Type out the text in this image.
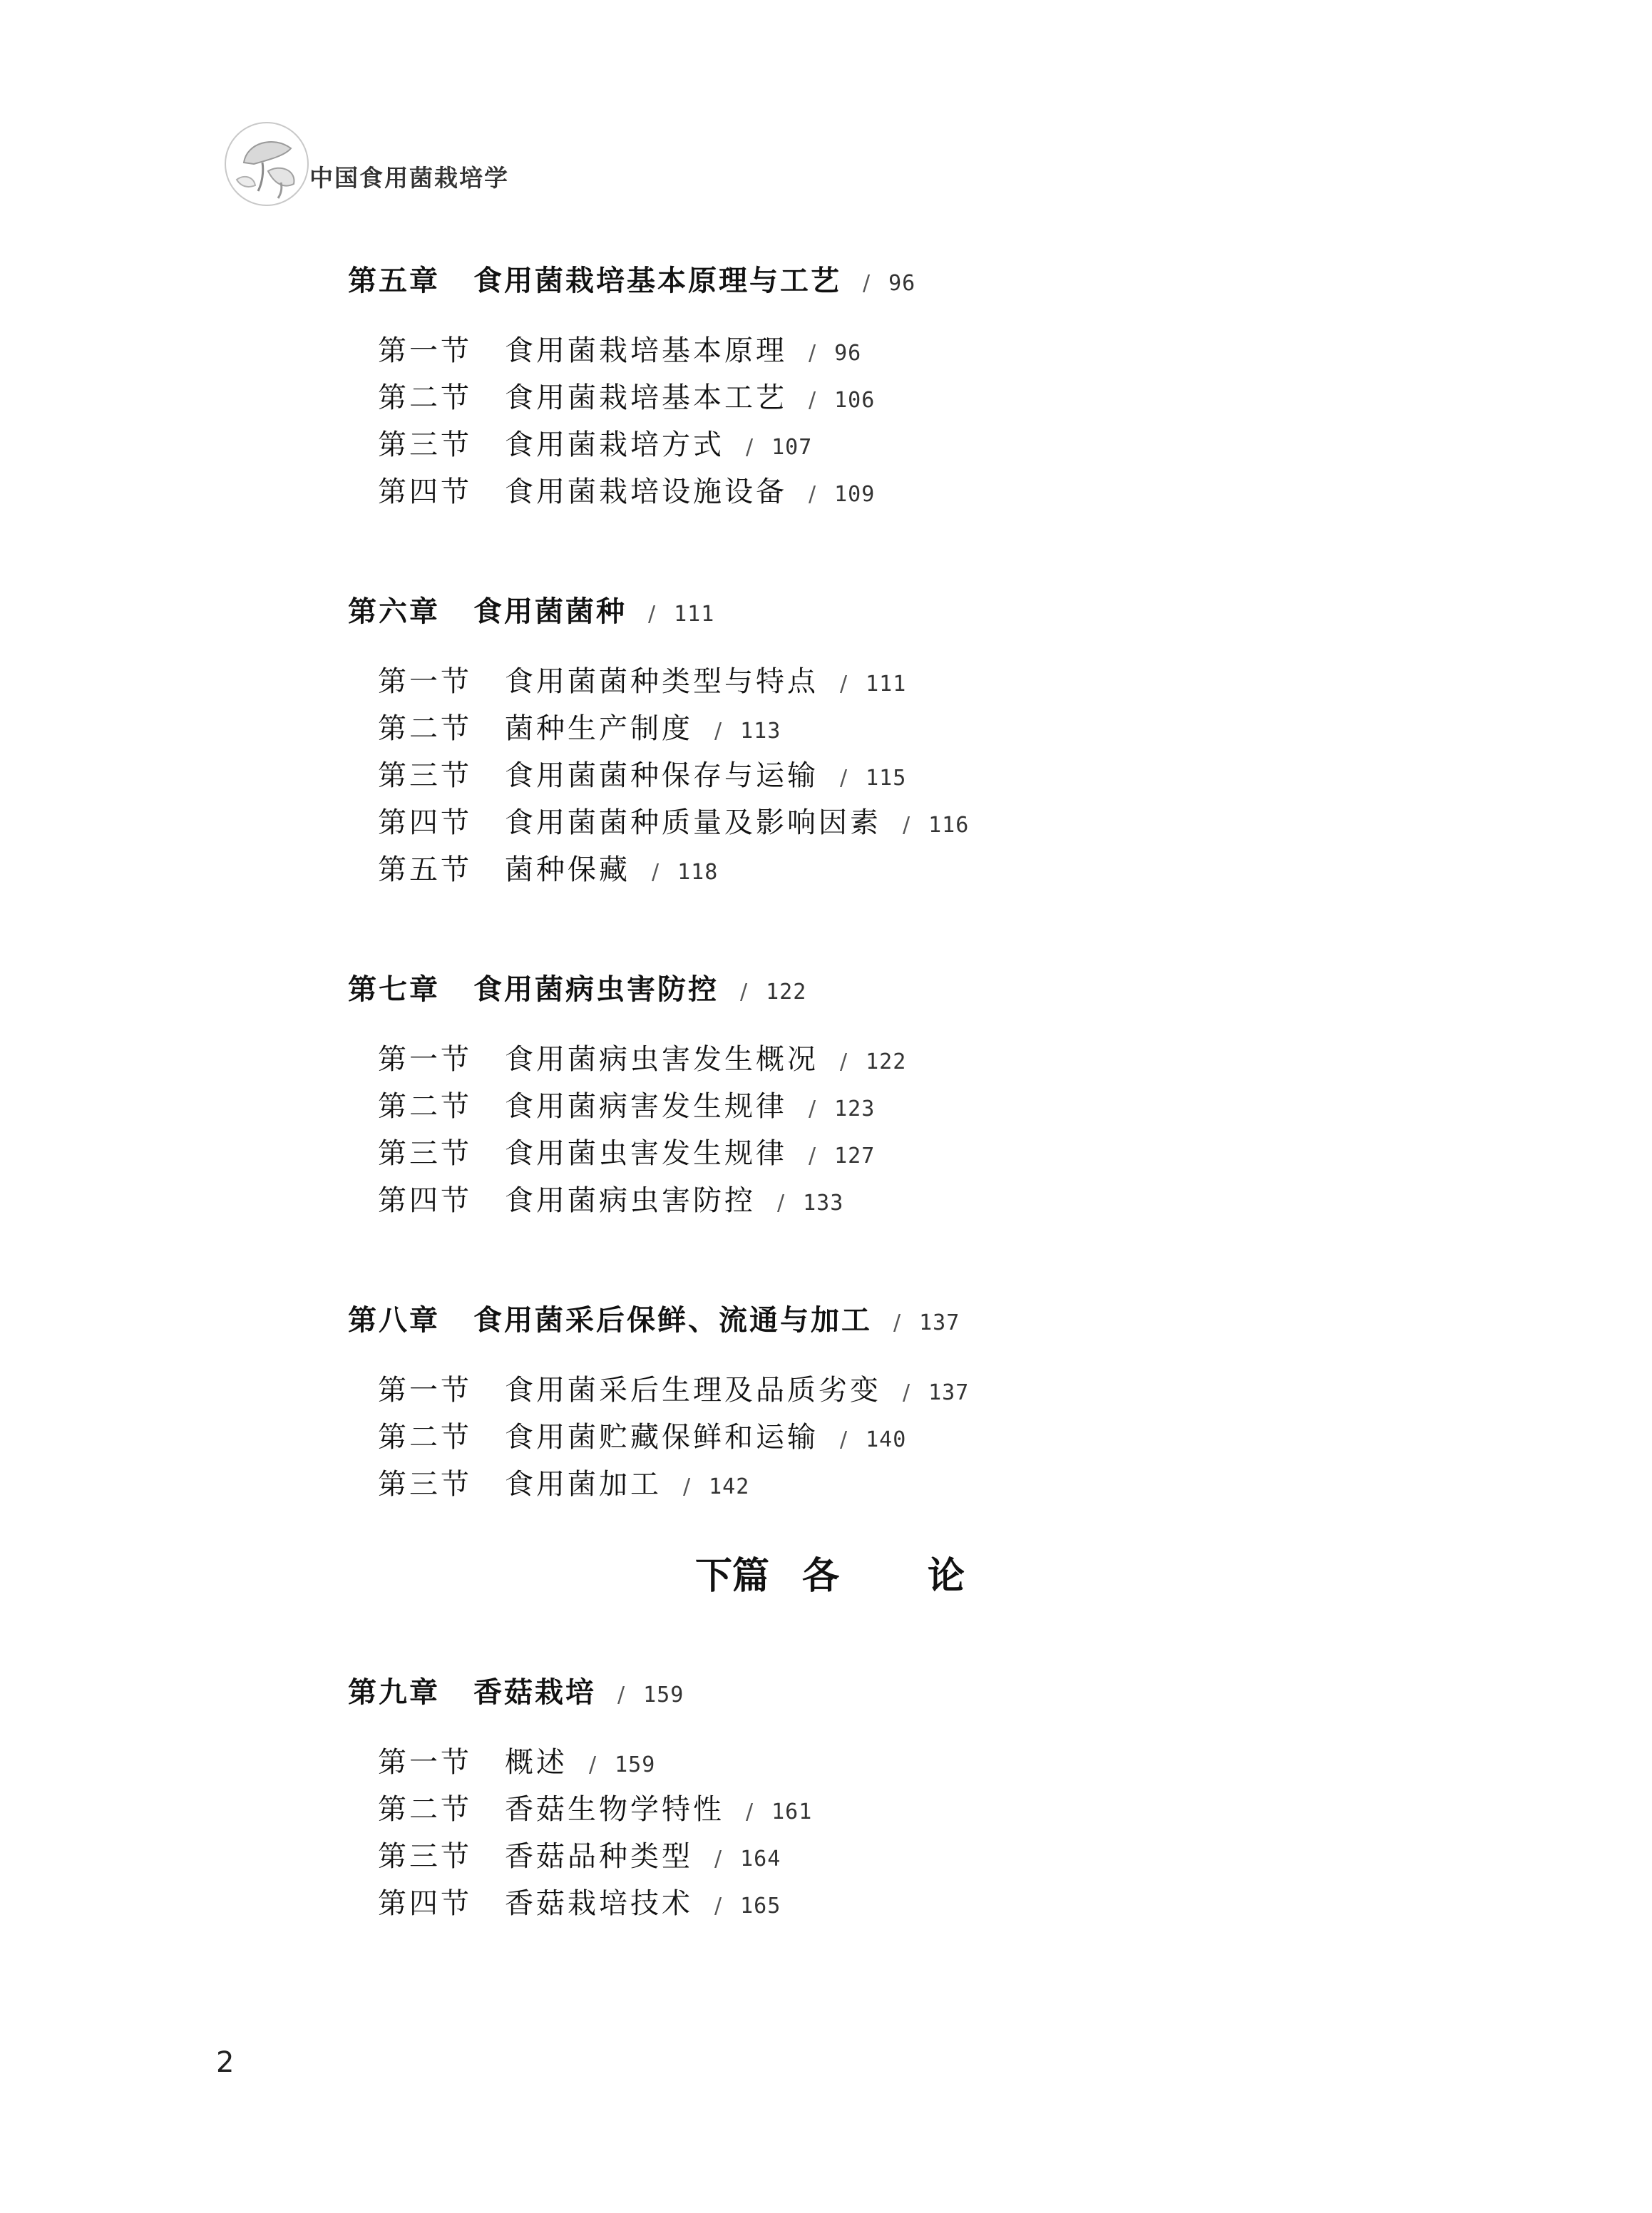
中国食用菌栽培学
第五章 食用菌栽培基本原理与工艺 / 96
第一节 食用菌栽培基本原理 / 96
第二节 食用菌栽培基本工艺 / 106
第三节 食用菌栽培方式 / 107
第四节 食用菌栽培设施设备 / 109
第六章 食用菌菌种 / 111
第一节 食用菌菌种类型与特点 / 111
第二节 菌种生产制度 / 113
第三节 食用菌菌种保存与运输 / 115
第四节 食用菌菌种质量及影响因素 / 116
第五节 菌种保藏 / 118
第七章 食用菌病虫害防控 / 122
第一节 食用菌病虫害发生概况 / 122
第二节 食用菌病害发生规律 / 123
第三节 食用菌虫害发生规律 / 127
第四节 食用菌病虫害防控 / 133
第八章 食用菌采后保鲜、流通与加工 / 137
第一节 食用菌采后生理及品质劣变 / 137
第二节 食用菌贮藏保鲜和运输 / 140
第三节 食用菌加工 / 142
下篇 各 论
第九章 香菇栽培 / 159
第一节 概述 / 159
第二节 香菇生物学特性 / 161
第三节 香菇品种类型 / 164
第四节 香菇栽培技术 / 165
2
